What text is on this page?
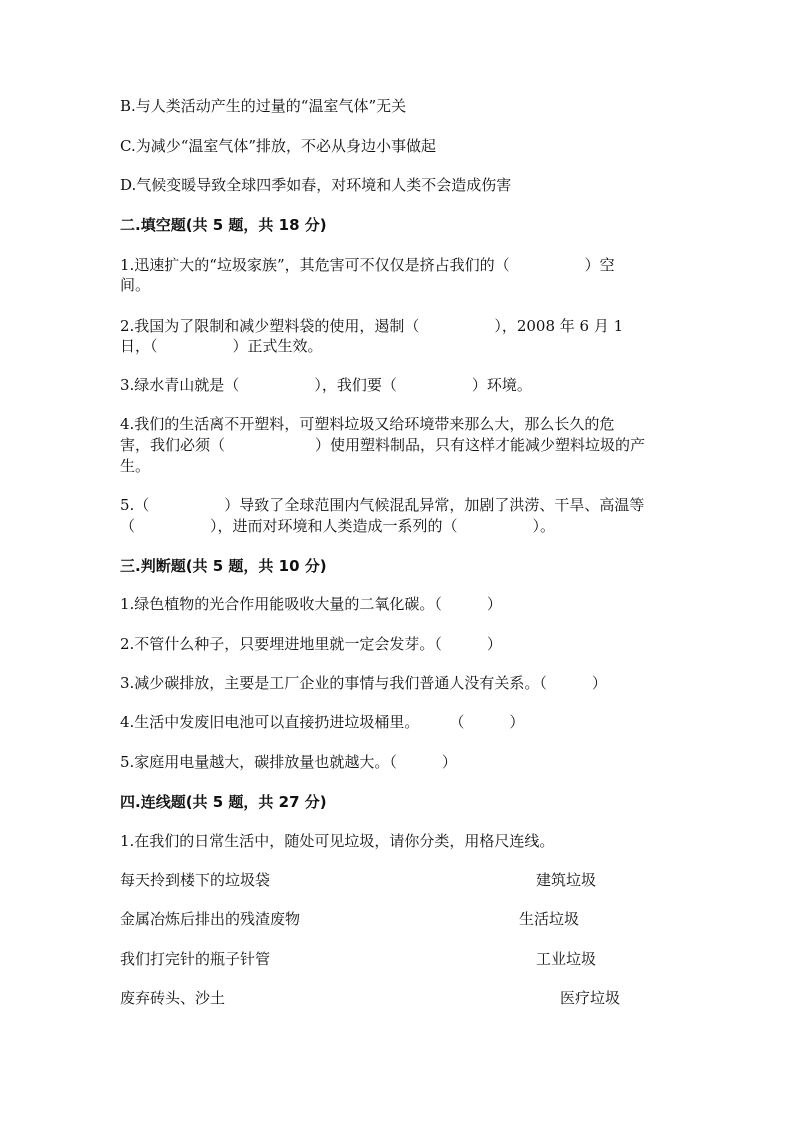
B.与人类活动产生的过量的“温室气体”无关
C.为减少“温室气体”排放，不必从身边小事做起
D.气候变暖导致全球四季如春，对环境和人类不会造成伤害
二.填空题(共 5 题，共 18 分)
1.迅速扩大的“垃圾家族”，其危害可不仅仅是挤占我们的（　　　　　）空
间。
2.我国为了限制和减少塑料袋的使用，遏制（　　　　　），2008 年 6 月 1
日，（　　　　　）正式生效。
3.绿水青山就是（　　　　　），我们要（　　　　　）环境。
4.我们的生活离不开塑料，可塑料垃圾又给环境带来那么大，那么长久的危
害，我们必须（　　　　　　）使用塑料制品，只有这样才能减少塑料垃圾的产
生。
5.（　　　　　）导致了全球范围内气候混乱异常，加剧了洪涝、干旱、高温等
（　　　　　），进而对环境和人类造成一系列的（　　　　　）。
三.判断题(共 5 题，共 10 分)
1.绿色植物的光合作用能吸收大量的二氧化碳。（　　　）
2.不管什么种子，只要埋进地里就一定会发芽。（　　　）
3.减少碳排放，主要是工厂企业的事情与我们普通人没有关系。（　　　）
4.生活中发废旧电池可以直接扔进垃圾桶里。　　　（　　　）
5.家庭用电量越大，碳排放量也就越大。（　　　）
四.连线题(共 5 题，共 27 分)
1.在我们的日常生活中，随处可见垃圾，请你分类，用格尺连线。
每天拎到楼下的垃圾袋	建筑垃圾
金属冶炼后排出的残渣废物	生活垃圾
我们打完针的瓶子针管	工业垃圾
废弃砖头、沙土	医疗垃圾
